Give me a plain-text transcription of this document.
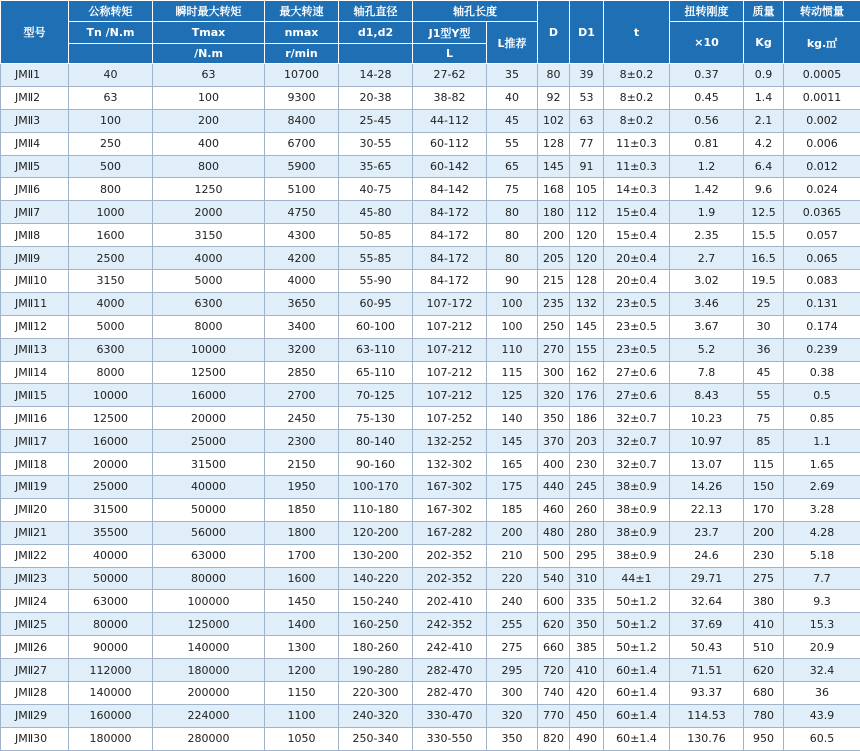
型号	公称转矩	瞬时最大转矩	最大转速	轴孔直径	轴孔长度		D	D1	t	扭转刚度	质量	转动惯量
	Tn /N.m	Tmax	nmax	d1,d2	J1型Y型	L推荐				×10	Kg	kg.㎡
		/N.m	r/min		L							
JMⅡ1	40	63	10700	14-28	27-62	35	80	39	8±0.2	0.37	0.9	0.0005
JMⅡ2	63	100	9300	20-38	38-82	40	92	53	8±0.2	0.45	1.4	0.0011
JMⅡ3	100	200	8400	25-45	44-112	45	102	63	8±0.2	0.56	2.1	0.002
JMⅡ4	250	400	6700	30-55	60-112	55	128	77	11±0.3	0.81	4.2	0.006
JMⅡ5	500	800	5900	35-65	60-142	65	145	91	11±0.3	1.2	6.4	0.012
JMⅡ6	800	1250	5100	40-75	84-142	75	168	105	14±0.3	1.42	9.6	0.024
JMⅡ7	1000	2000	4750	45-80	84-172	80	180	112	15±0.4	1.9	12.5	0.0365
JMⅡ8	1600	3150	4300	50-85	84-172	80	200	120	15±0.4	2.35	15.5	0.057
JMⅡ9	2500	4000	4200	55-85	84-172	80	205	120	20±0.4	2.7	16.5	0.065
JMⅡ10	3150	5000	4000	55-90	84-172	90	215	128	20±0.4	3.02	19.5	0.083
JMⅡ11	4000	6300	3650	60-95	107-172	100	235	132	23±0.5	3.46	25	0.131
JMⅡ12	5000	8000	3400	60-100	107-212	100	250	145	23±0.5	3.67	30	0.174
JMⅡ13	6300	10000	3200	63-110	107-212	110	270	155	23±0.5	5.2	36	0.239
JMⅡ14	8000	12500	2850	65-110	107-212	115	300	162	27±0.6	7.8	45	0.38
JMⅡ15	10000	16000	2700	70-125	107-212	125	320	176	27±0.6	8.43	55	0.5
JMⅡ16	12500	20000	2450	75-130	107-252	140	350	186	32±0.7	10.23	75	0.85
JMⅡ17	16000	25000	2300	80-140	132-252	145	370	203	32±0.7	10.97	85	1.1
JMⅡ18	20000	31500	2150	90-160	132-302	165	400	230	32±0.7	13.07	115	1.65
JMⅡ19	25000	40000	1950	100-170	167-302	175	440	245	38±0.9	14.26	150	2.69
JMⅡ20	31500	50000	1850	110-180	167-302	185	460	260	38±0.9	22.13	170	3.28
JMⅡ21	35500	56000	1800	120-200	167-282	200	480	280	38±0.9	23.7	200	4.28
JMⅡ22	40000	63000	1700	130-200	202-352	210	500	295	38±0.9	24.6	230	5.18
JMⅡ23	50000	80000	1600	140-220	202-352	220	540	310	44±1	29.71	275	7.7
JMⅡ24	63000	100000	1450	150-240	202-410	240	600	335	50±1.2	32.64	380	9.3
JMⅡ25	80000	125000	1400	160-250	242-352	255	620	350	50±1.2	37.69	410	15.3
JMⅡ26	90000	140000	1300	180-260	242-410	275	660	385	50±1.2	50.43	510	20.9
JMⅡ27	112000	180000	1200	190-280	282-470	295	720	410	60±1.4	71.51	620	32.4
JMⅡ28	140000	200000	1150	220-300	282-470	300	740	420	60±1.4	93.37	680	36
JMⅡ29	160000	224000	1100	240-320	330-470	320	770	450	60±1.4	114.53	780	43.9
JMⅡ30	180000	280000	1050	250-340	330-550	350	820	490	60±1.4	130.76	950	60.5
